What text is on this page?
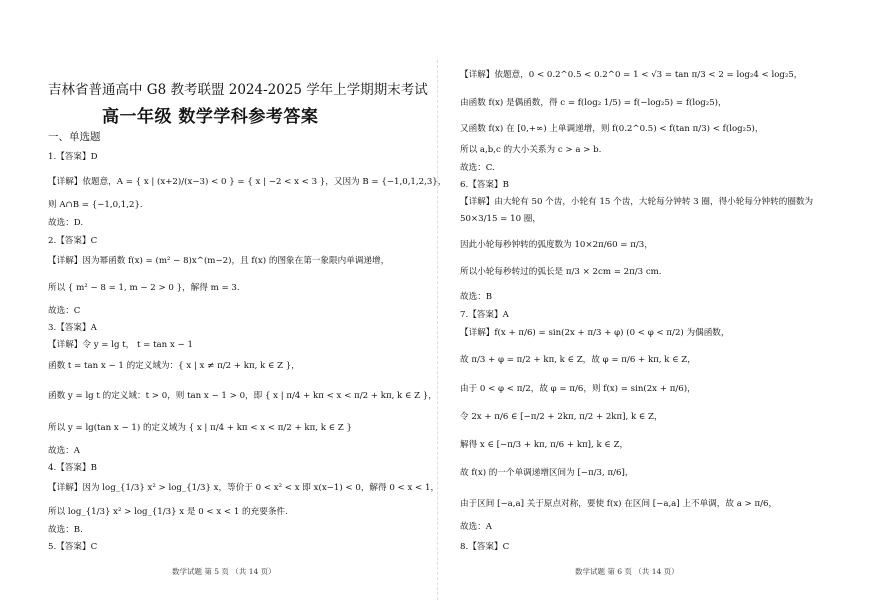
吉林省普通高中 G8 教考联盟 2024-2025 学年上学期期末考试
高一年级 数学学科参考答案
一、单选题
1.【答案】D
【详解】依题意，A = { x | (x+2)/(x−3) < 0 } = { x | −2 < x < 3 }，又因为 B = {−1,0,1,2,3}，
则 A∩B = {−1,0,1,2}.
故选：D.
2.【答案】C
【详解】因为幂函数 f(x) = (m² − 8)x^(m−2)，且 f(x) 的图象在第一象限内单调递增，
所以 { m² − 8 = 1, m − 2 > 0 }，解得 m = 3.
故选：C
3.【答案】A
【详解】令 y = lg t， t = tan x − 1
函数 t = tan x − 1 的定义域为：{ x | x ≠ π/2 + kπ, k ∈ Z }，
函数 y = lg t 的定义域：t > 0，则 tan x − 1 > 0，即 { x | π/4 + kπ < x < π/2 + kπ, k ∈ Z }，
所以 y = lg(tan x − 1) 的定义域为 { x | π/4 + kπ < x < π/2 + kπ, k ∈ Z }
故选：A
4.【答案】B
【详解】因为 log_{1/3} x² > log_{1/3} x，等价于 0 < x² < x 即 x(x−1) < 0，解得 0 < x < 1，
所以 log_{1/3} x² > log_{1/3} x 是 0 < x < 1 的充要条件.
故选：B.
5.【答案】C
数学试题 第 5 页 （共 14 页）
【详解】依题意，0 < 0.2^0.5 < 0.2^0 = 1 < √3 = tan π/3 < 2 = log₂4 < log₂5，
由函数 f(x) 是偶函数，得 c = f(log₂ 1/5) = f(−log₂5) = f(log₂5)，
又函数 f(x) 在 [0,+∞) 上单调递增，则 f(0.2^0.5) < f(tan π/3) < f(log₂5)，
所以 a,b,c 的大小关系为 c > a > b.
故选：C.
6.【答案】B
【详解】由大轮有 50 个齿，小轮有 15 个齿，大轮每分钟转 3 圈，得小轮每分钟转的圈数为
50×3/15 = 10 圈，
因此小轮每秒钟转的弧度数为 10×2π/60 = π/3，
所以小轮每秒转过的弧长是 π/3 × 2cm = 2π/3 cm.
故选：B
7.【答案】A
【详解】f(x + π/6) = sin(2x + π/3 + φ) (0 < φ < π/2) 为偶函数，
故 π/3 + φ = π/2 + kπ, k ∈ Z，故 φ = π/6 + kπ, k ∈ Z，
由于 0 < φ < π/2，故 φ = π/6，则 f(x) = sin(2x + π/6)，
令 2x + π/6 ∈ [−π/2 + 2kπ, π/2 + 2kπ], k ∈ Z，
解得 x ∈ [−π/3 + kπ, π/6 + kπ], k ∈ Z，
故 f(x) 的一个单调递增区间为 [−π/3, π/6]，
由于区间 [−a,a] 关于原点对称，要使 f(x) 在区间 [−a,a] 上不单调，故 a > π/6，
故选：A
8.【答案】C
数学试题 第 6 页 （共 14 页）
